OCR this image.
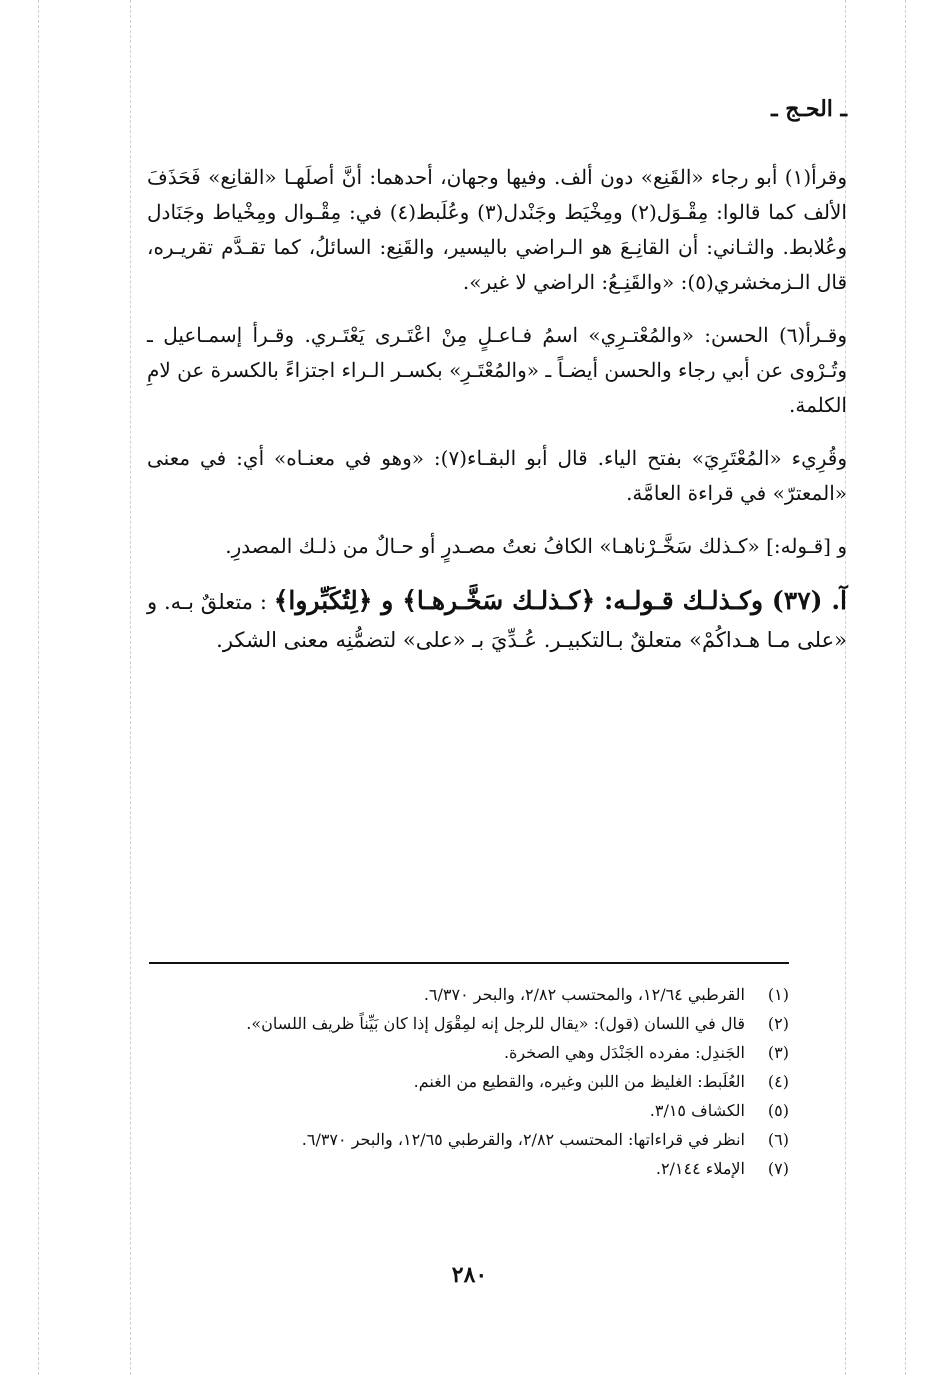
ـ الحـج ـ

وقرأ(١) أبو رجاء «القَنِع» دون ألف. وفيها وجهان، أحدهما: أنَّ أصلَهـا «القانِع» فَحَذَفَ الألف كما قالوا: مِقْـوَل(٢) ومِخْيَط وجَنْدل(٣) وعُلَبط(٤) في: مِقْـوال ومِخْياط وجَنَادل وعُلابط. والثـاني: أن القانِـعَ هو الـراضي باليسير، والقَنِع: السائلُ، كما تقـدَّم تقريـره، قال الـزمخشري(٥): «والقَنِـعُ: الراضي لا غير».

وقـرأ(٦) الحسن: «والمُعْتـرِي» اسمُ فـاعـلٍ مِنْ اعْتَـرى يَعْتَـري. وقـرأ إسمـاعيل ـ وتُـرْوى عن أبي رجاء والحسن أيضـاً ـ «والمُعْتَـرِ» بكسـر الـراء اجتزاءً بالكسرة عن لامِ الكلمة.

وقُرِيء «المُعْتَرِيَ» بفتح الياء. قال أبو البقـاء(٧): «وهو في معنـاه» أي: في معنى «المعترّ» في قراءة العامَّة.

و [قـوله:] «كـذلك سَخَّـرْناهـا» الكافُ نعتُ مصـدرٍ أو حـالٌ من ذلـك المصدرِ.

آ. (٣٧) وكـذلـك قـولـه: ﴿كـذلـك سَخَّـرهـا﴾ و ﴿لِتُكَبِّروا﴾ : متعلقٌ بـه. و «على مـا هـداكُمْ» متعلقٌ بـالتكبيـر. عُـدِّيَ بـ «على» لتضمُّنِه معنى الشكر.

(١)
القرطبي ١٢/٦٤، والمحتسب ٢/٨٢، والبحر ٦/٣٧٠.
(٢)
قال في اللسان (قول): «يقال للرجل إنه لمِقْوَل إذا كان بَيِّناً ظريف اللسان».
(٣)
الجَندِل: مفرده الجَنْدَل وهي الصخرة.
(٤)
العُلَبط: الغليظ من اللبن وغيره، والقطيع من الغنم.
(٥)
الكشاف ٣/١٥.
(٦)
انظر في قراءاتها: المحتسب ٢/٨٢، والقرطبي ١٢/٦٥، والبحر ٦/٣٧٠.
(٧)
الإملاء ٢/١٤٤.
٢٨٠
